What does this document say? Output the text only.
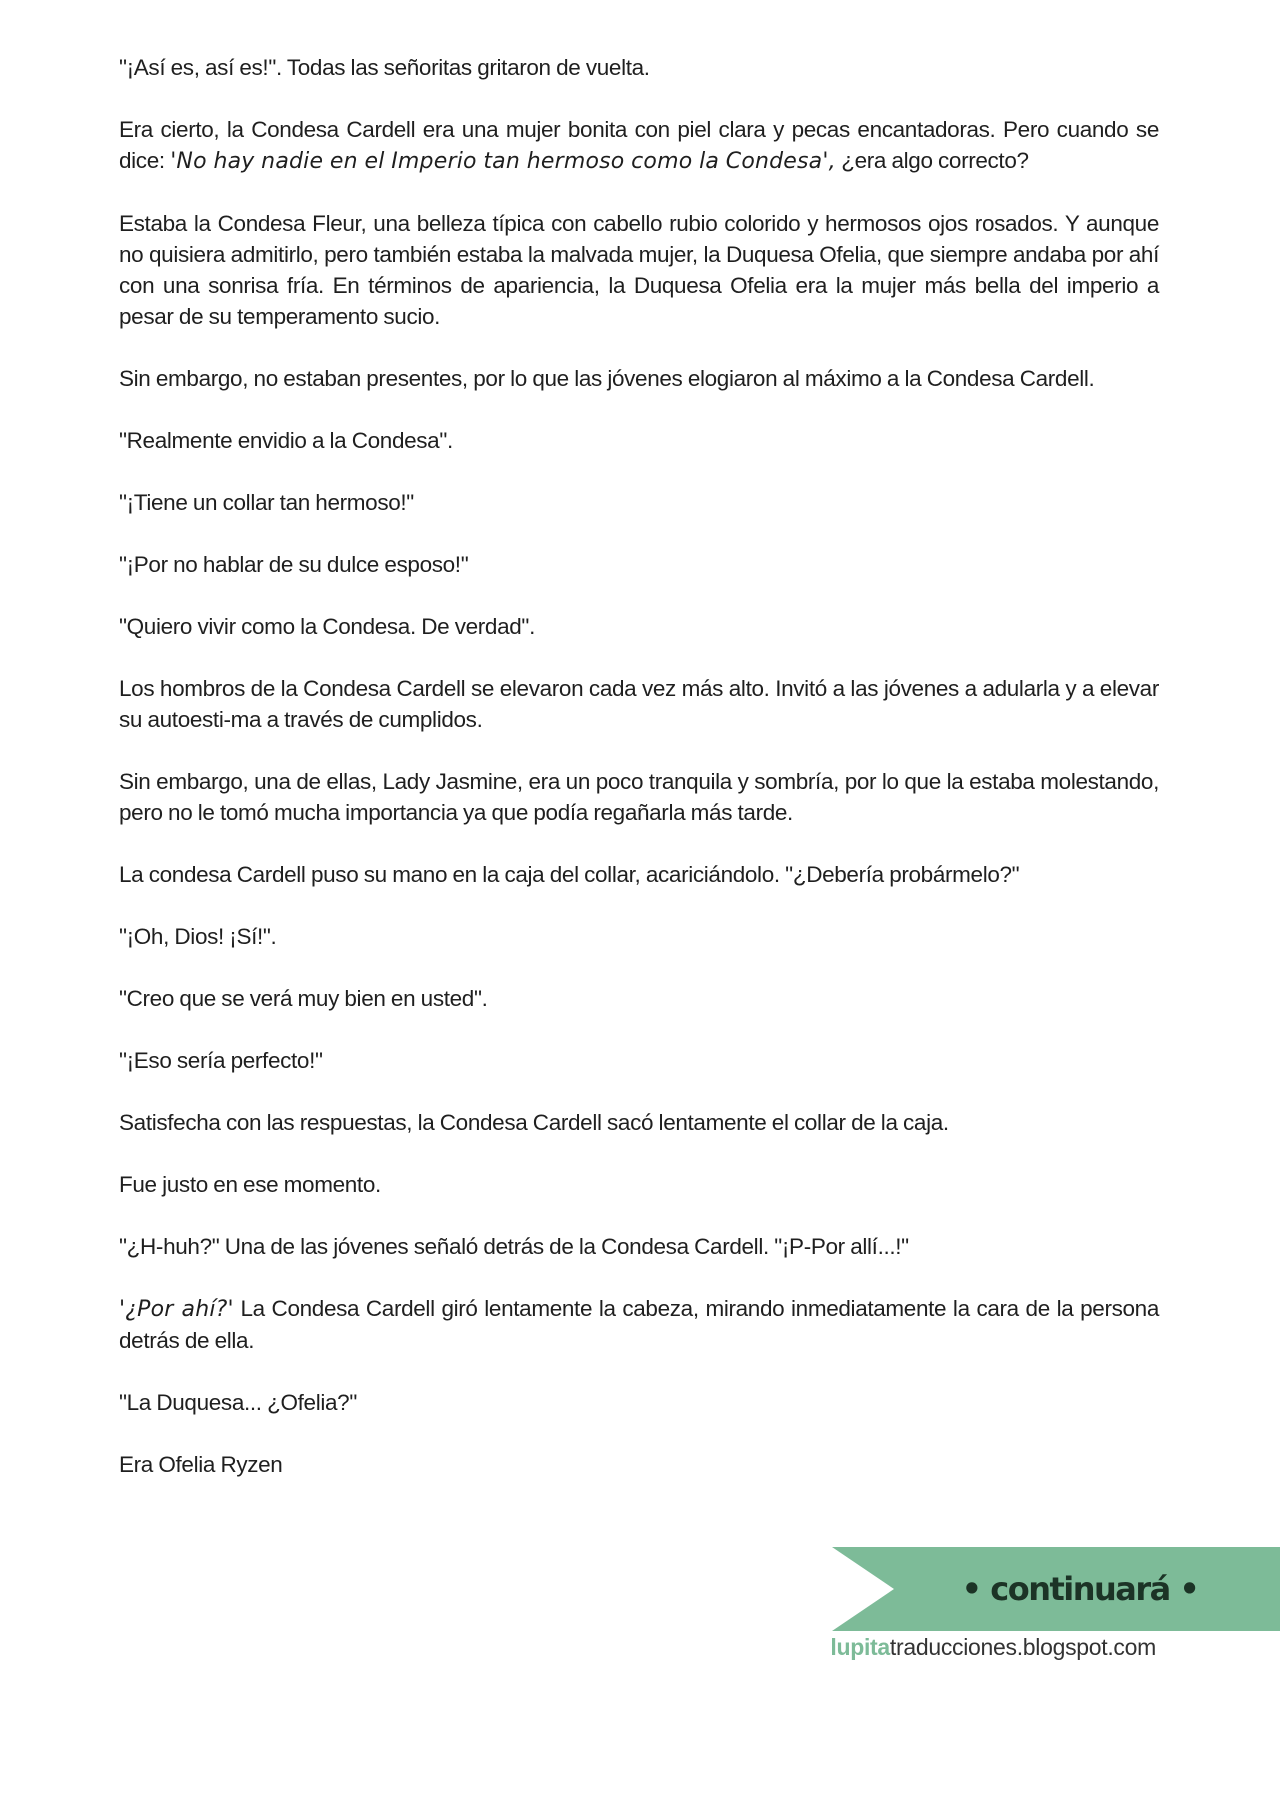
"¡Así es, así es!". Todas las señoritas gritaron de vuelta.

Era cierto, la Condesa Cardell era una mujer bonita con piel clara y pecas encantadoras. Pero cuando se dice: 'No hay nadie en el Imperio tan hermoso como la Condesa', ¿era algo correcto?

Estaba la Condesa Fleur, una belleza típica con cabello rubio colorido y hermosos ojos rosados. Y aunque no quisiera admitirlo, pero también estaba la malvada mujer, la Duquesa Ofelia, que siempre andaba por ahí con una sonrisa fría. En términos de apariencia, la Duquesa Ofelia era la mujer más bella del imperio a pesar de su temperamento sucio.

Sin embargo, no estaban presentes, por lo que las jóvenes elogiaron al máximo a la Condesa Cardell.

"Realmente envidio a la Condesa".

"¡Tiene un collar tan hermoso!"

"¡Por no hablar de su dulce esposo!"

"Quiero vivir como la Condesa. De verdad".

Los hombros de la Condesa Cardell se elevaron cada vez más alto. Invitó a las jóvenes a adularla y a elevar su autoesti-ma a través de cumplidos.

Sin embargo, una de ellas, Lady Jasmine, era un poco tranquila y sombría, por lo que la estaba molestando, pero no le tomó mucha importancia ya que podía regañarla más tarde.

La condesa Cardell puso su mano en la caja del collar, acariciándolo. "¿Debería probármelo?"

"¡Oh, Dios! ¡Sí!".

"Creo que se verá muy bien en usted".

"¡Eso sería perfecto!"

Satisfecha con las respuestas, la Condesa Cardell sacó lentamente el collar de la caja.

Fue justo en ese momento.

"¿H-huh?" Una de las jóvenes señaló detrás de la Condesa Cardell. "¡P-Por allí...!"

'¿Por ahí?' La Condesa Cardell giró lentamente la cabeza, mirando inmediatamente la cara de la persona detrás de ella.

"La Duquesa... ¿Ofelia?"

Era Ofelia Ryzen

• continuará •
lupitatraducciones.blogspot.com
